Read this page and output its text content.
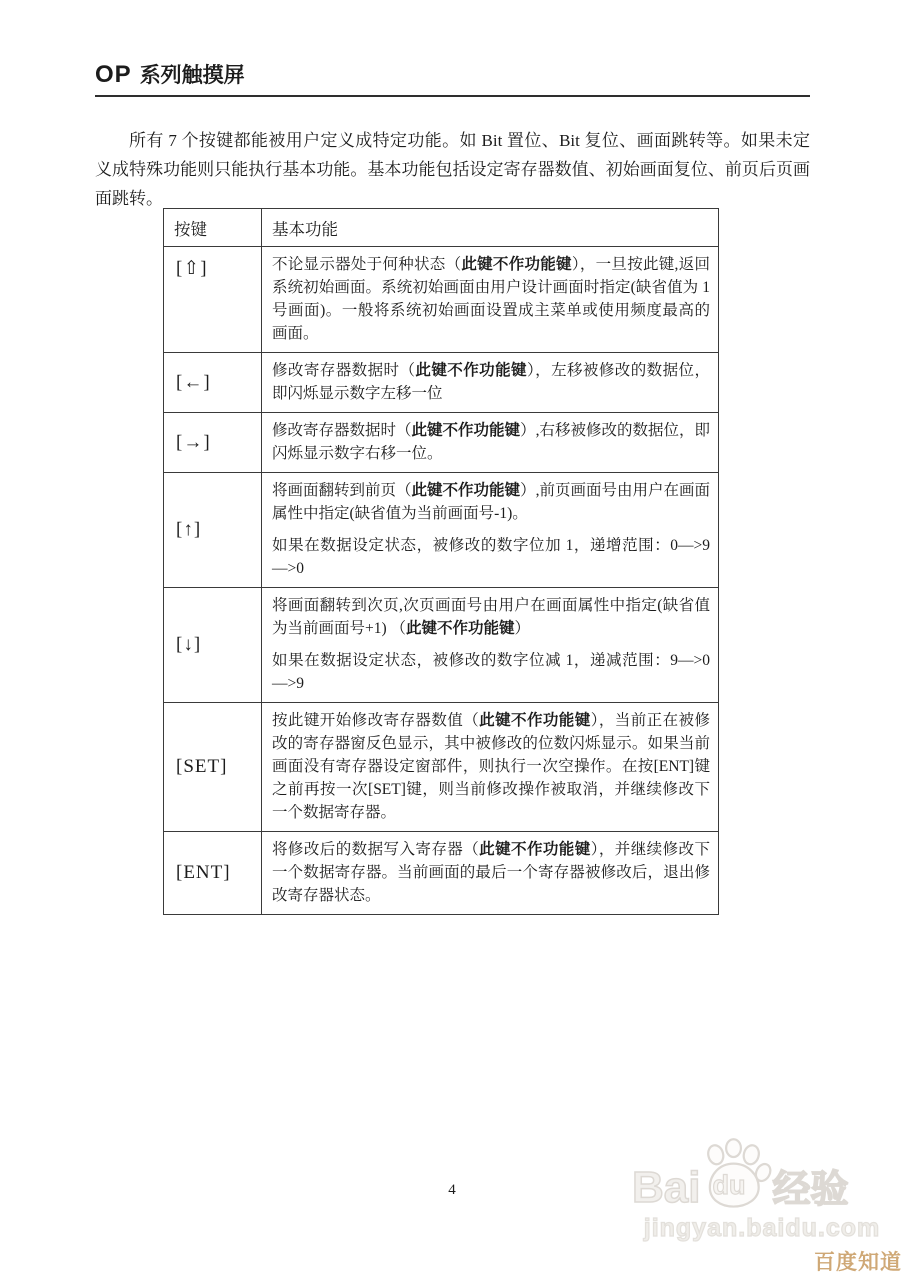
OP 系列触摸屏

所有 7 个按键都能被用户定义成特定功能。如 Bit 置位、Bit 复位、画面跳转等。如果未定义成特殊功能则只能执行基本功能。基本功能包括设定寄存器数值、初始画面复位、前页后页画面跳转。

按键	基本功能
[⇧]	不论显示器处于何种状态（此键不作功能键），一旦按此键,返回系统初始画面。系统初始画面由用户设计画面时指定(缺省值为 1 号画面)。一般将系统初始画面设置成主菜单或使用频度最高的画面。

[←]	修改寄存器数据时（此键不作功能键），左移被修改的数据位，即闪烁显示数字左移一位

[→]	修改寄存器数据时（此键不作功能键）,右移被修改的数据位，即闪烁显示数字右移一位。

[↑]	将画面翻转到前页（此键不作功能键）,前页画面号由用户在画面属性中指定(缺省值为当前画面号-1)。
如果在数据设定状态，被修改的数字位加 1，递增范围：0—>9—>0

[↓]	将画面翻转到次页,次页画面号由用户在画面属性中指定(缺省值为当前画面号+1) （此键不作功能键）
如果在数据设定状态，被修改的数字位减 1，递减范围：9—>0—>9

[SET]	按此键开始修改寄存器数值（此键不作功能键），当前正在被修改的寄存器窗反色显示，其中被修改的位数闪烁显示。如果当前画面没有寄存器设定窗部件，则执行一次空操作。在按[ENT]键之前再按一次[SET]键，则当前修改操作被取消，并继续修改下一个数据寄存器。

[ENT]	将修改后的数据写入寄存器（此键不作功能键），并继续修改下一个数据寄存器。当前画面的最后一个寄存器被修改后，退出修改寄存器状态。
4	Bai du 经验
jingyan.baidu.com
百度知道
